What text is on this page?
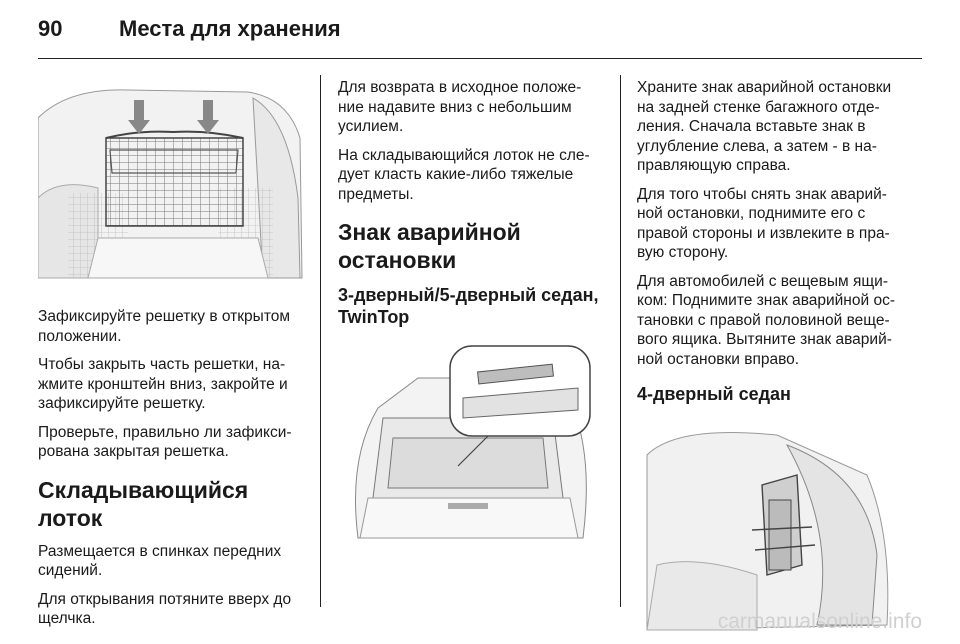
90	Места для хранения

Зафиксируйте решетку в открытом положении.

Чтобы закрыть часть решетки, на-жмите кронштейн вниз, закройте и зафиксируйте решетку.

Проверьте, правильно ли зафикси-рована закрытая решетка.

Складывающийся лоток

Размещается в спинках передних сидений.

Для открывания потяните вверх до щелчка.

Для возврата в исходное положе-ние надавите вниз с небольшим усилием.

На складывающийся лоток не сле-дует класть какие-либо тяжелые предметы.

Знак аварийной остановки
3-дверный/5-дверный седан, TwinTop

Храните знак аварийной остановки на задней стенке багажного отде-ления. Сначала вставьте знак в углубление слева, а затем - в на-правляющую справа.

Для того чтобы снять знак аварий-ной остановки, поднимите его с правой стороны и извлеките в пра-вую сторону.

Для автомобилей с вещевым ящи-ком: Поднимите знак аварийной ос-тановки с правой половиной веще-вого ящика. Вытяните знак аварий-ной остановки вправо.

4-дверный седан
carmanualsonline.info
